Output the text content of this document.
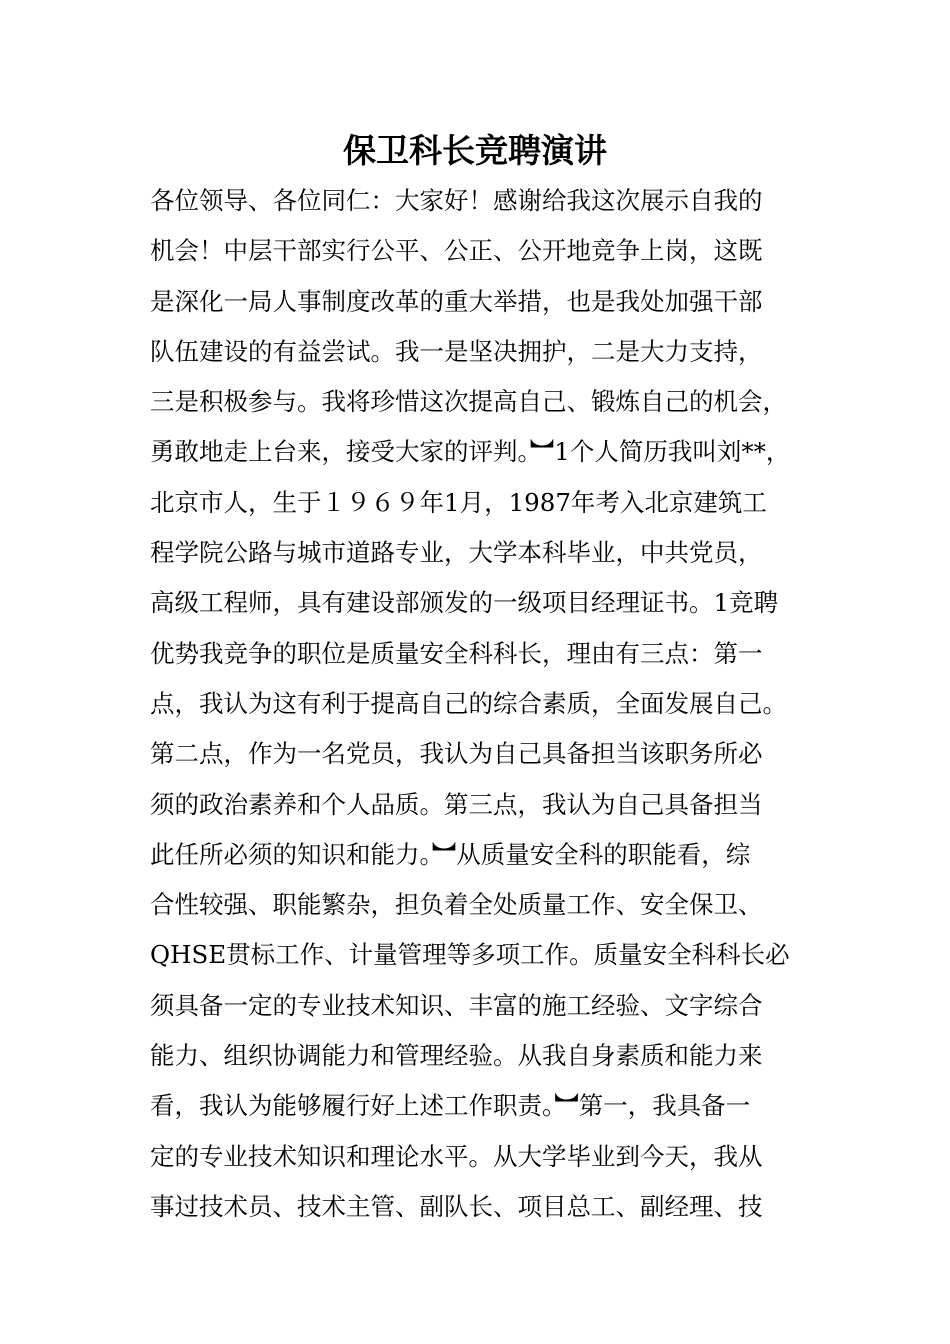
保卫科长竞聘演讲
各位领导、各位同仁：大家好！感谢给我这次展示自我的
机会！中层干部实行公平、公正、公开地竞争上岗，这既
是深化一局人事制度改革的重大举措，也是我处加强干部
队伍建设的有益尝试。我一是坚决拥护，二是大力支持，
三是积极参与。我将珍惜这次提高自己、锻炼自己的机会，
勇敢地走上台来，接受大家的评判。︼1个人简历我叫刘**，
北京市人，生于１９６９年1月，1987年考入北京建筑工
程学院公路与城市道路专业，大学本科毕业，中共党员，
高级工程师，具有建设部颁发的一级项目经理证书。1竞聘
优势我竞争的职位是质量安全科科长，理由有三点：第一
点，我认为这有利于提高自己的综合素质，全面发展自己。
第二点，作为一名党员，我认为自己具备担当该职务所必
须的政治素养和个人品质。第三点，我认为自己具备担当
此任所必须的知识和能力。︼从质量安全科的职能看，综
合性较强、职能繁杂，担负着全处质量工作、安全保卫、
QHSE贯标工作、计量管理等多项工作。质量安全科科长必
须具备一定的专业技术知识、丰富的施工经验、文字综合
能力、组织协调能力和管理经验。从我自身素质和能力来
看，我认为能够履行好上述工作职责。︼第一，我具备一
定的专业技术知识和理论水平。从大学毕业到今天，我从
事过技术员、技术主管、副队长、项目总工、副经理、技
